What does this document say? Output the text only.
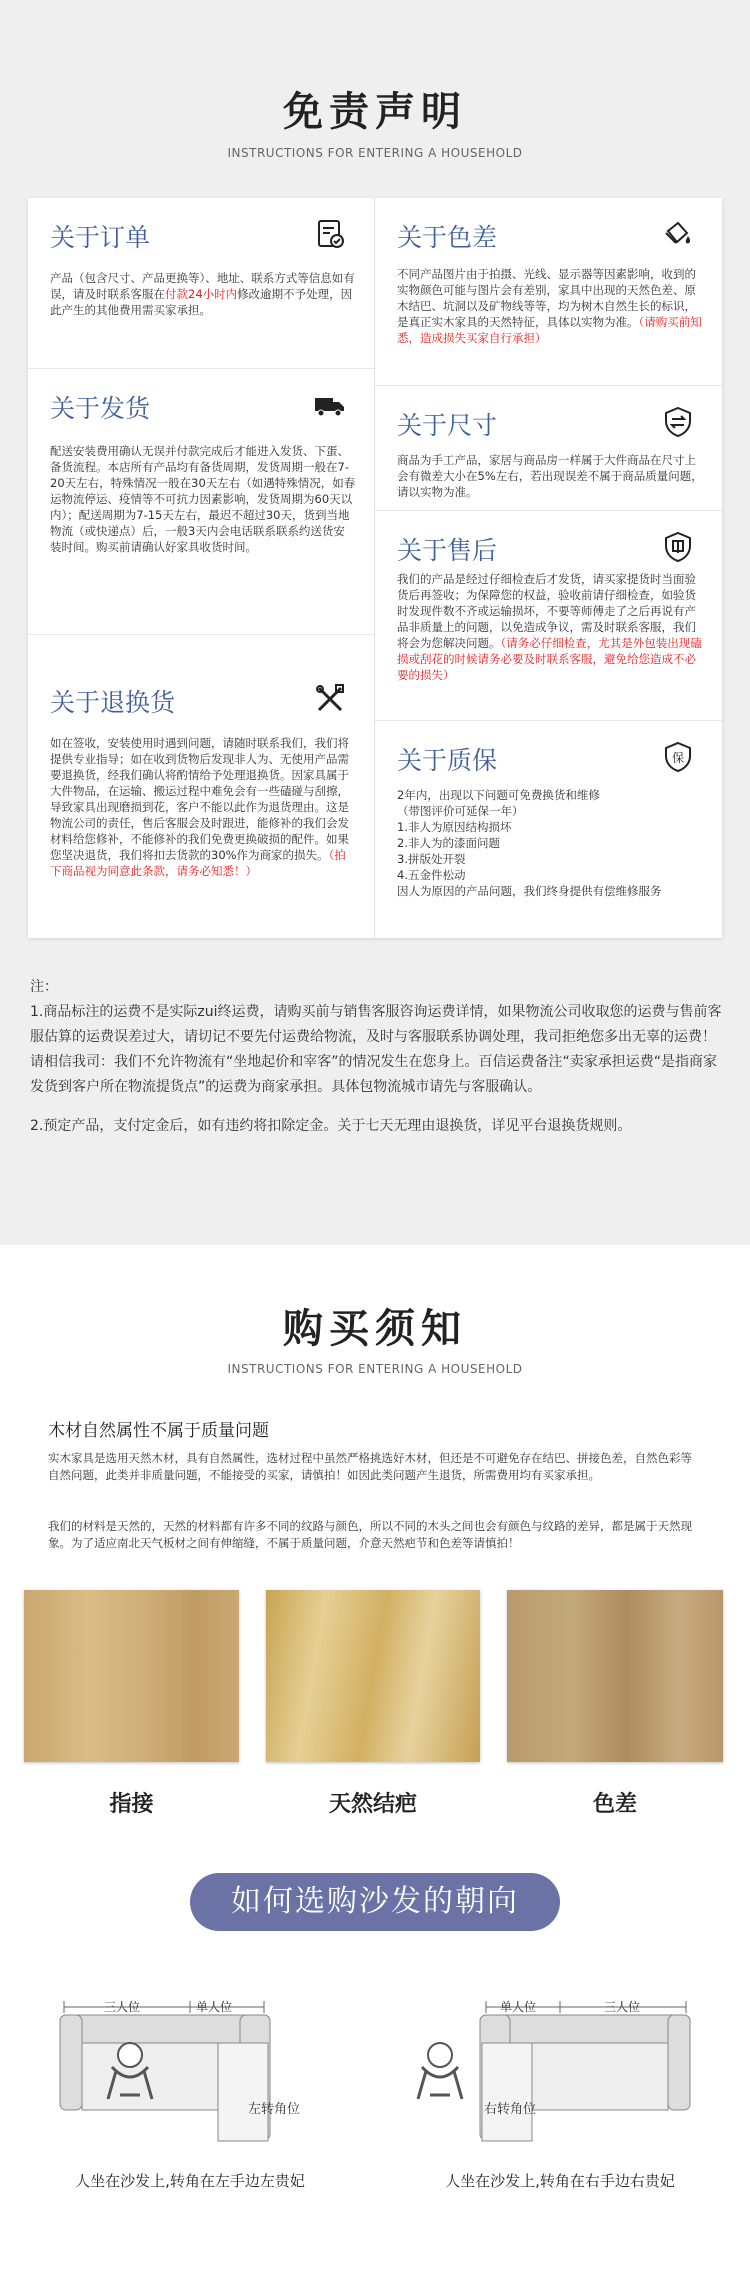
免责声明
INSTRUCTIONS FOR ENTERING A HOUSEHOLD
关于订单
产品（包含尺寸、产品更换等）、地址、联系方式等信息如有误，请及时联系客服在付款24小时内修改逾期不予处理，因此产生的其他费用需买家承担。
关于色差
不同产品图片由于拍摄、光线、显示器等因素影响，收到的实物颜色可能与图片会有差别，家具中出现的天然色差、原木结巴、坑洞以及矿物线等等，均为树木自然生长的标识，是真正实木家具的天然特征，具体以实物为准。（请购买前知悉，造成损失买家自行承担）
关于发货
配送安装费用确认无误并付款完成后才能进入发货、下蛋、备货流程。本店所有产品均有备货周期，发货周期一般在7-20天左右，特殊情况一般在30天左右（如遇特殊情况，如春运物流停运、疫情等不可抗力因素影响，发货周期为60天以内）；配送周期为7-15天左右，最迟不超过30天，货到当地物流（或快递点）后，一般3天内会电话联系联系约送货安装时间。购买前请确认好家具收货时间。
关于尺寸
商品为手工产品，家居与商品房一样属于大件商品在尺寸上会有微差大小在5%左右，若出现误差不属于商品质量问题，请以实物为准。
关于售后
我们的产品是经过仔细检查后才发货，请买家提货时当面验货后再签收；为保障您的权益，验收前请仔细检查，如验货时发现件数不齐或运输损坏，不要等师傅走了之后再说有产品非质量上的问题，以免造成争议，需及时联系客服，我们将会为您解决问题。（请务必仔细检查，尤其是外包装出现磕损或刮花的时候请务必要及时联系客服，避免给您造成不必要的损失）
关于退换货
如在签收，安装使用时遇到问题，请随时联系我们，我们将提供专业指导；如在收到货物后发现非人为、无使用产品需要退换货，经我们确认将酌情给予处理退换货。因家具属于大件物品，在运输、搬运过程中难免会有一些磕碰与刮擦，导致家具出现磨损到花，客户不能以此作为退货理由。这是物流公司的责任，售后客服会及时跟进，能修补的我们会发材料给您修补，不能修补的我们免费更换破损的配件。如果您坚决退货，我们将扣去货款的30%作为商家的损失。（拍下商品视为同意此条款，请务必知悉！）
关于质保	保
2年内，出现以下问题可免费换货和维修
（带图评价可延保一年）
1.非人为原因结构损坏
2.非人为的漆面问题
3.拼版处开裂
4.五金件松动
因人为原因的产品问题，我们终身提供有偿维修服务

注：

1.商品标注的运费不是实际zui终运费，请购买前与销售客服咨询运费详情，如果物流公司收取您的运费与售前客服估算的运费误差过大，请切记不要先付运费给物流，及时与客服联系协调处理，我司拒绝您多出无辜的运费！请相信我司：我们不允许物流有“坐地起价和宰客”的情况发生在您身上。百信运费备注“卖家承担运费“是指商家发货到客户所在物流提货点”的运费为商家承担。具体包物流城市请先与客服确认。

2.预定产品，支付定金后，如有违约将扣除定金。关于七天无理由退换货，详见平台退换货规则。

购买须知
INSTRUCTIONS FOR ENTERING A HOUSEHOLD
木材自然属性不属于质量问题
实木家具是选用天然木材，具有自然属性，选材过程中虽然严格挑选好木材，但还是不可避免存在结巴、拼接色差，自然色彩等自然问题，此类并非质量问题，不能接受的买家，请慎拍！如因此类问题产生退货，所需费用均有买家承担。
我们的材料是天然的，天然的材料都有许多不同的纹路与颜色，所以不同的木头之间也会有颜色与纹路的差异，都是属于天然现象。为了适应南北天气板材之间有伸缩缝，不属于质量问题，介意天然疤节和色差等请慎拍！
指接	天然结疤	色差
如何选购沙发的朝向
三人位	单人位
左转角位
人坐在沙发上,转角在左手边左贵妃
单人位	三人位
右转角位
人坐在沙发上,转角在右手边右贵妃
